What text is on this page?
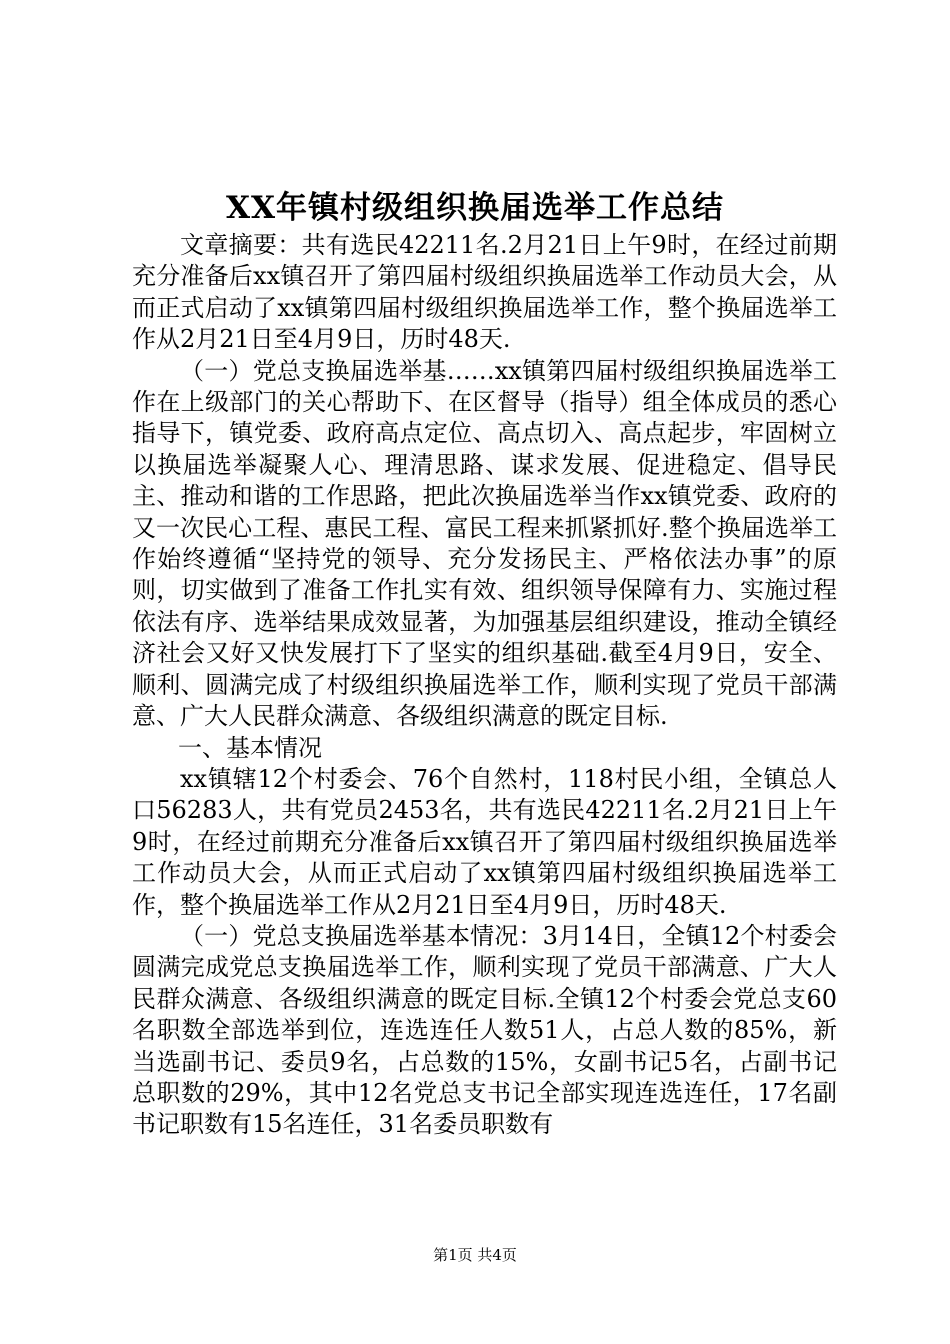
XX年镇村级组织换届选举工作总结

文章摘要：共有选民42211名.2月21日上午9时，在经过前期充分准备后xx镇召开了第四届村级组织换届选举工作动员大会，从而正式启动了xx镇第四届村级组织换届选举工作，整个换届选举工作从2月21日至4月9日，历时48天.

（一）党总支换届选举基……xx镇第四届村级组织换届选举工作在上级部门的关心帮助下、在区督导（指导）组全体成员的悉心指导下，镇党委、政府高点定位、高点切入、高点起步，牢固树立以换届选举凝聚人心、理清思路、谋求发展、促进稳定、倡导民主、推动和谐的工作思路，把此次换届选举当作xx镇党委、政府的又一次民心工程、惠民工程、富民工程来抓紧抓好.整个换届选举工作始终遵循“坚持党的领导、充分发扬民主、严格依法办事”的原则，切实做到了准备工作扎实有效、组织领导保障有力、实施过程依法有序、选举结果成效显著，为加强基层组织建设，推动全镇经济社会又好又快发展打下了坚实的组织基础.截至4月9日，安全、顺利、圆满完成了村级组织换届选举工作，顺利实现了党员干部满意、广大人民群众满意、各级组织满意的既定目标.

一、基本情况

xx镇辖12个村委会、76个自然村，118村民小组，全镇总人口56283人，共有党员2453名，共有选民42211名.2月21日上午9时，在经过前期充分准备后xx镇召开了第四届村级组织换届选举工作动员大会，从而正式启动了xx镇第四届村级组织换届选举工作，整个换届选举工作从2月21日至4月9日，历时48天.

（一）党总支换届选举基本情况：3月14日，全镇12个村委会圆满完成党总支换届选举工作，顺利实现了党员干部满意、广大人民群众满意、各级组织满意的既定目标.全镇12个村委会党总支60名职数全部选举到位，连选连任人数51人，占总人数的85%，新当选副书记、委员9名，占总数的15%，女副书记5名，占副书记总职数的29%，其中12名党总支书记全部实现连选连任，17名副书记职数有15名连任，31名委员职数有

第1页 共4页
